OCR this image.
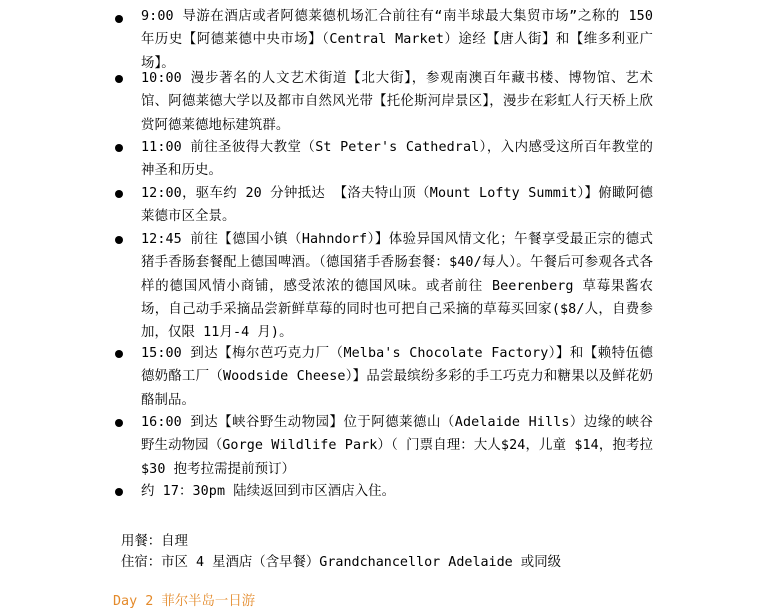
9:00 导游在酒店或者阿德莱德机场汇合前往有“南半球最大集贸市场”之称的 150 年历史【阿德莱德中央市场】（Central Market）途经【唐人街】和【维多利亚广场】。
10:00 漫步著名的人文艺术街道【北大街】，参观南澳百年藏书楼、博物馆、艺术馆、阿德莱德大学以及都市自然风光带【托伦斯河岸景区】，漫步在彩虹人行天桥上欣赏阿德莱德地标建筑群。
11:00 前往圣彼得大教堂（St Peter's Cathedral），入内感受这所百年教堂的神圣和历史。
12:00，驱车约 20 分钟抵达 【洛夫特山顶（Mount Lofty Summit）】俯瞰阿德莱德市区全景。
12:45 前往【德国小镇（Hahndorf）】体验异国风情文化；午餐享受最正宗的德式猪手香肠套餐配上德国啤酒。（德国猪手香肠套餐：$40/每人）。午餐后可参观各式各样的德国风情小商铺，感受浓浓的德国风味。或者前往 Beerenberg 草莓果酱农场，自己动手采摘品尝新鲜草莓的同时也可把自己采摘的草莓买回家($8/人，自费参加，仅限 11月-4 月)。
15:00 到达【梅尔芭巧克力厂（Melba's Chocolate Factory）】和【赖特伍德德奶酪工厂（Woodside Cheese）】品尝最缤纷多彩的手工巧克力和糖果以及鲜花奶酪制品。
16:00 到达【峡谷野生动物园】位于阿德莱德山（Adelaide Hills）边缘的峡谷野生动物园（Gorge Wildlife Park）（ 门票自理：大人$24，儿童 $14，抱考拉$30 抱考拉需提前预订）
约 17：30pm 陆续返回到市区酒店入住。
用餐：自理
住宿：市区 4 星酒店（含早餐）Grandchancellor Adelaide 或同级
Day 2 菲尔半岛一日游
